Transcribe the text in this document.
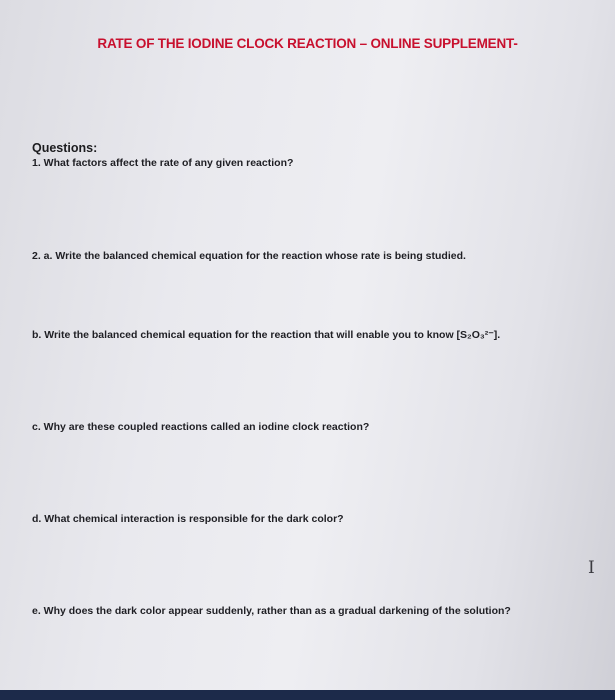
RATE OF THE IODINE CLOCK REACTION – ONLINE SUPPLEMENT-
Questions:
1. What factors affect the rate of any given reaction?
2. a. Write the balanced chemical equation for the reaction whose rate is being studied.
b. Write the balanced chemical equation for the reaction that will enable you to know [S₂O₃²⁻].
c. Why are these coupled reactions called an iodine clock reaction?
d. What chemical interaction is responsible for the dark color?
e. Why does the dark color appear suddenly, rather than as a gradual darkening of the solution?
I
